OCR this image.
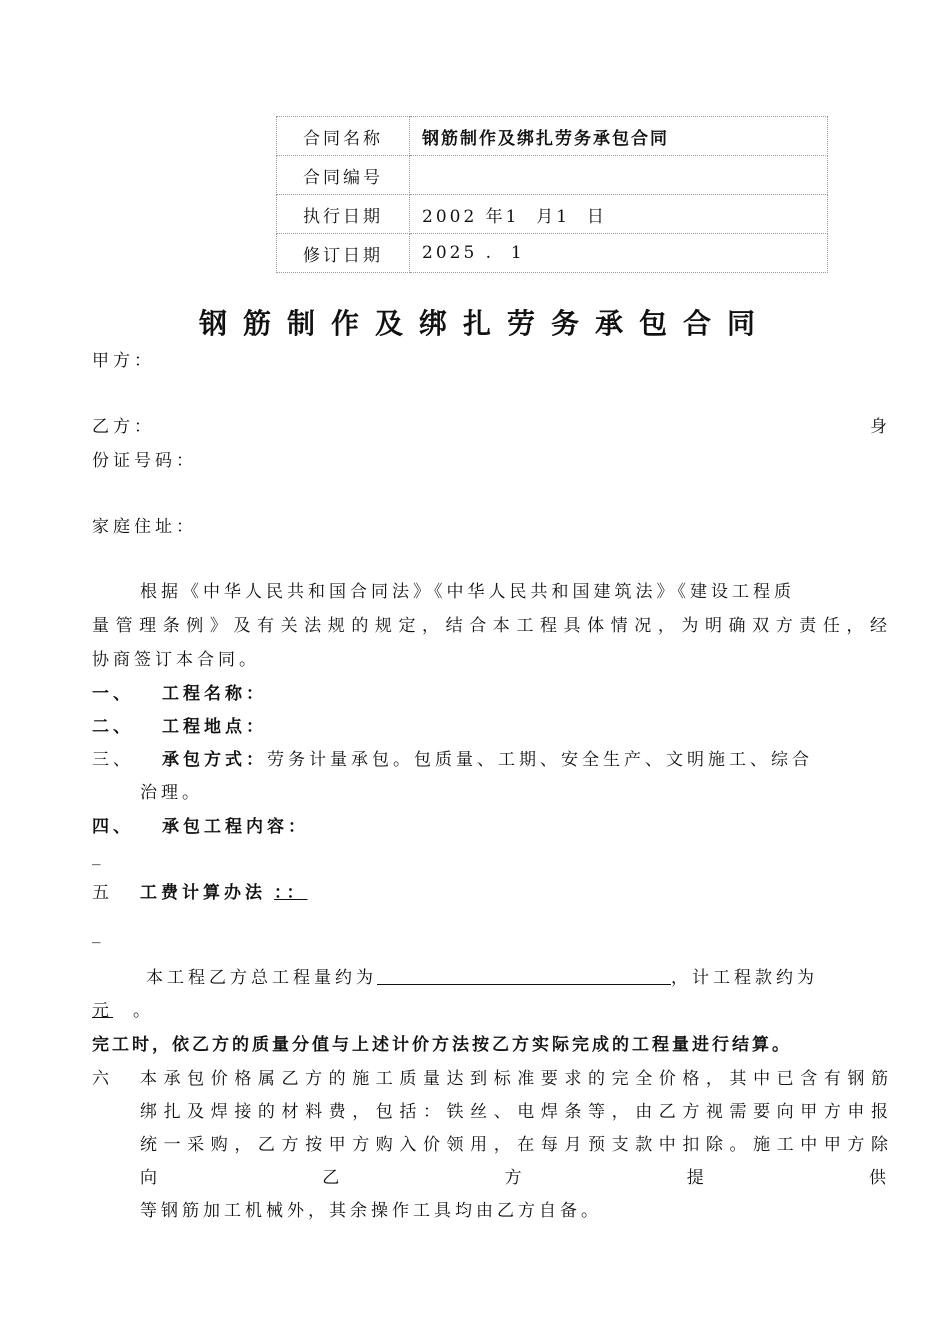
合同名称	钢筋制作及绑扎劳务承包合同
合同编号	
执行日期	2002 年1  月1  日
修订日期	2025 .  1
钢筋制作及绑扎劳务承包合同
甲方：
乙方：	身
份证号码：
家庭住址：
根据《中华人民共和国合同法》《中华人民共和国建筑法》《建设工程质
量管理条例》及有关法规的规定，结合本工程具体情况，为明确双方责任，经
协商签订本合同。
一、 工程名称：
二、 工程地点：
三、 承包方式：劳务计量承包。包质量、工期、安全生产、文明施工、综合
治理。
四、 承包工程内容：
_
五 工费计算办法 ：：
_
本工程乙方总工程量约为	，计工程款约为
元 。
完工时，依乙方的质量分值与上述计价方法按乙方实际完成的工程量进行结算。
六 本承包价格属乙方的施工质量达到标准要求的完全价格，其中已含有钢筋
绑扎及焊接的材料费，包括：铁丝、电焊条等，由乙方视需要向甲方申报
统一采购，乙方按甲方购入价领用，在每月预支款中扣除。施工中甲方除
向	乙	方	提	供
等钢筋加工机械外，其余操作工具均由乙方自备。
